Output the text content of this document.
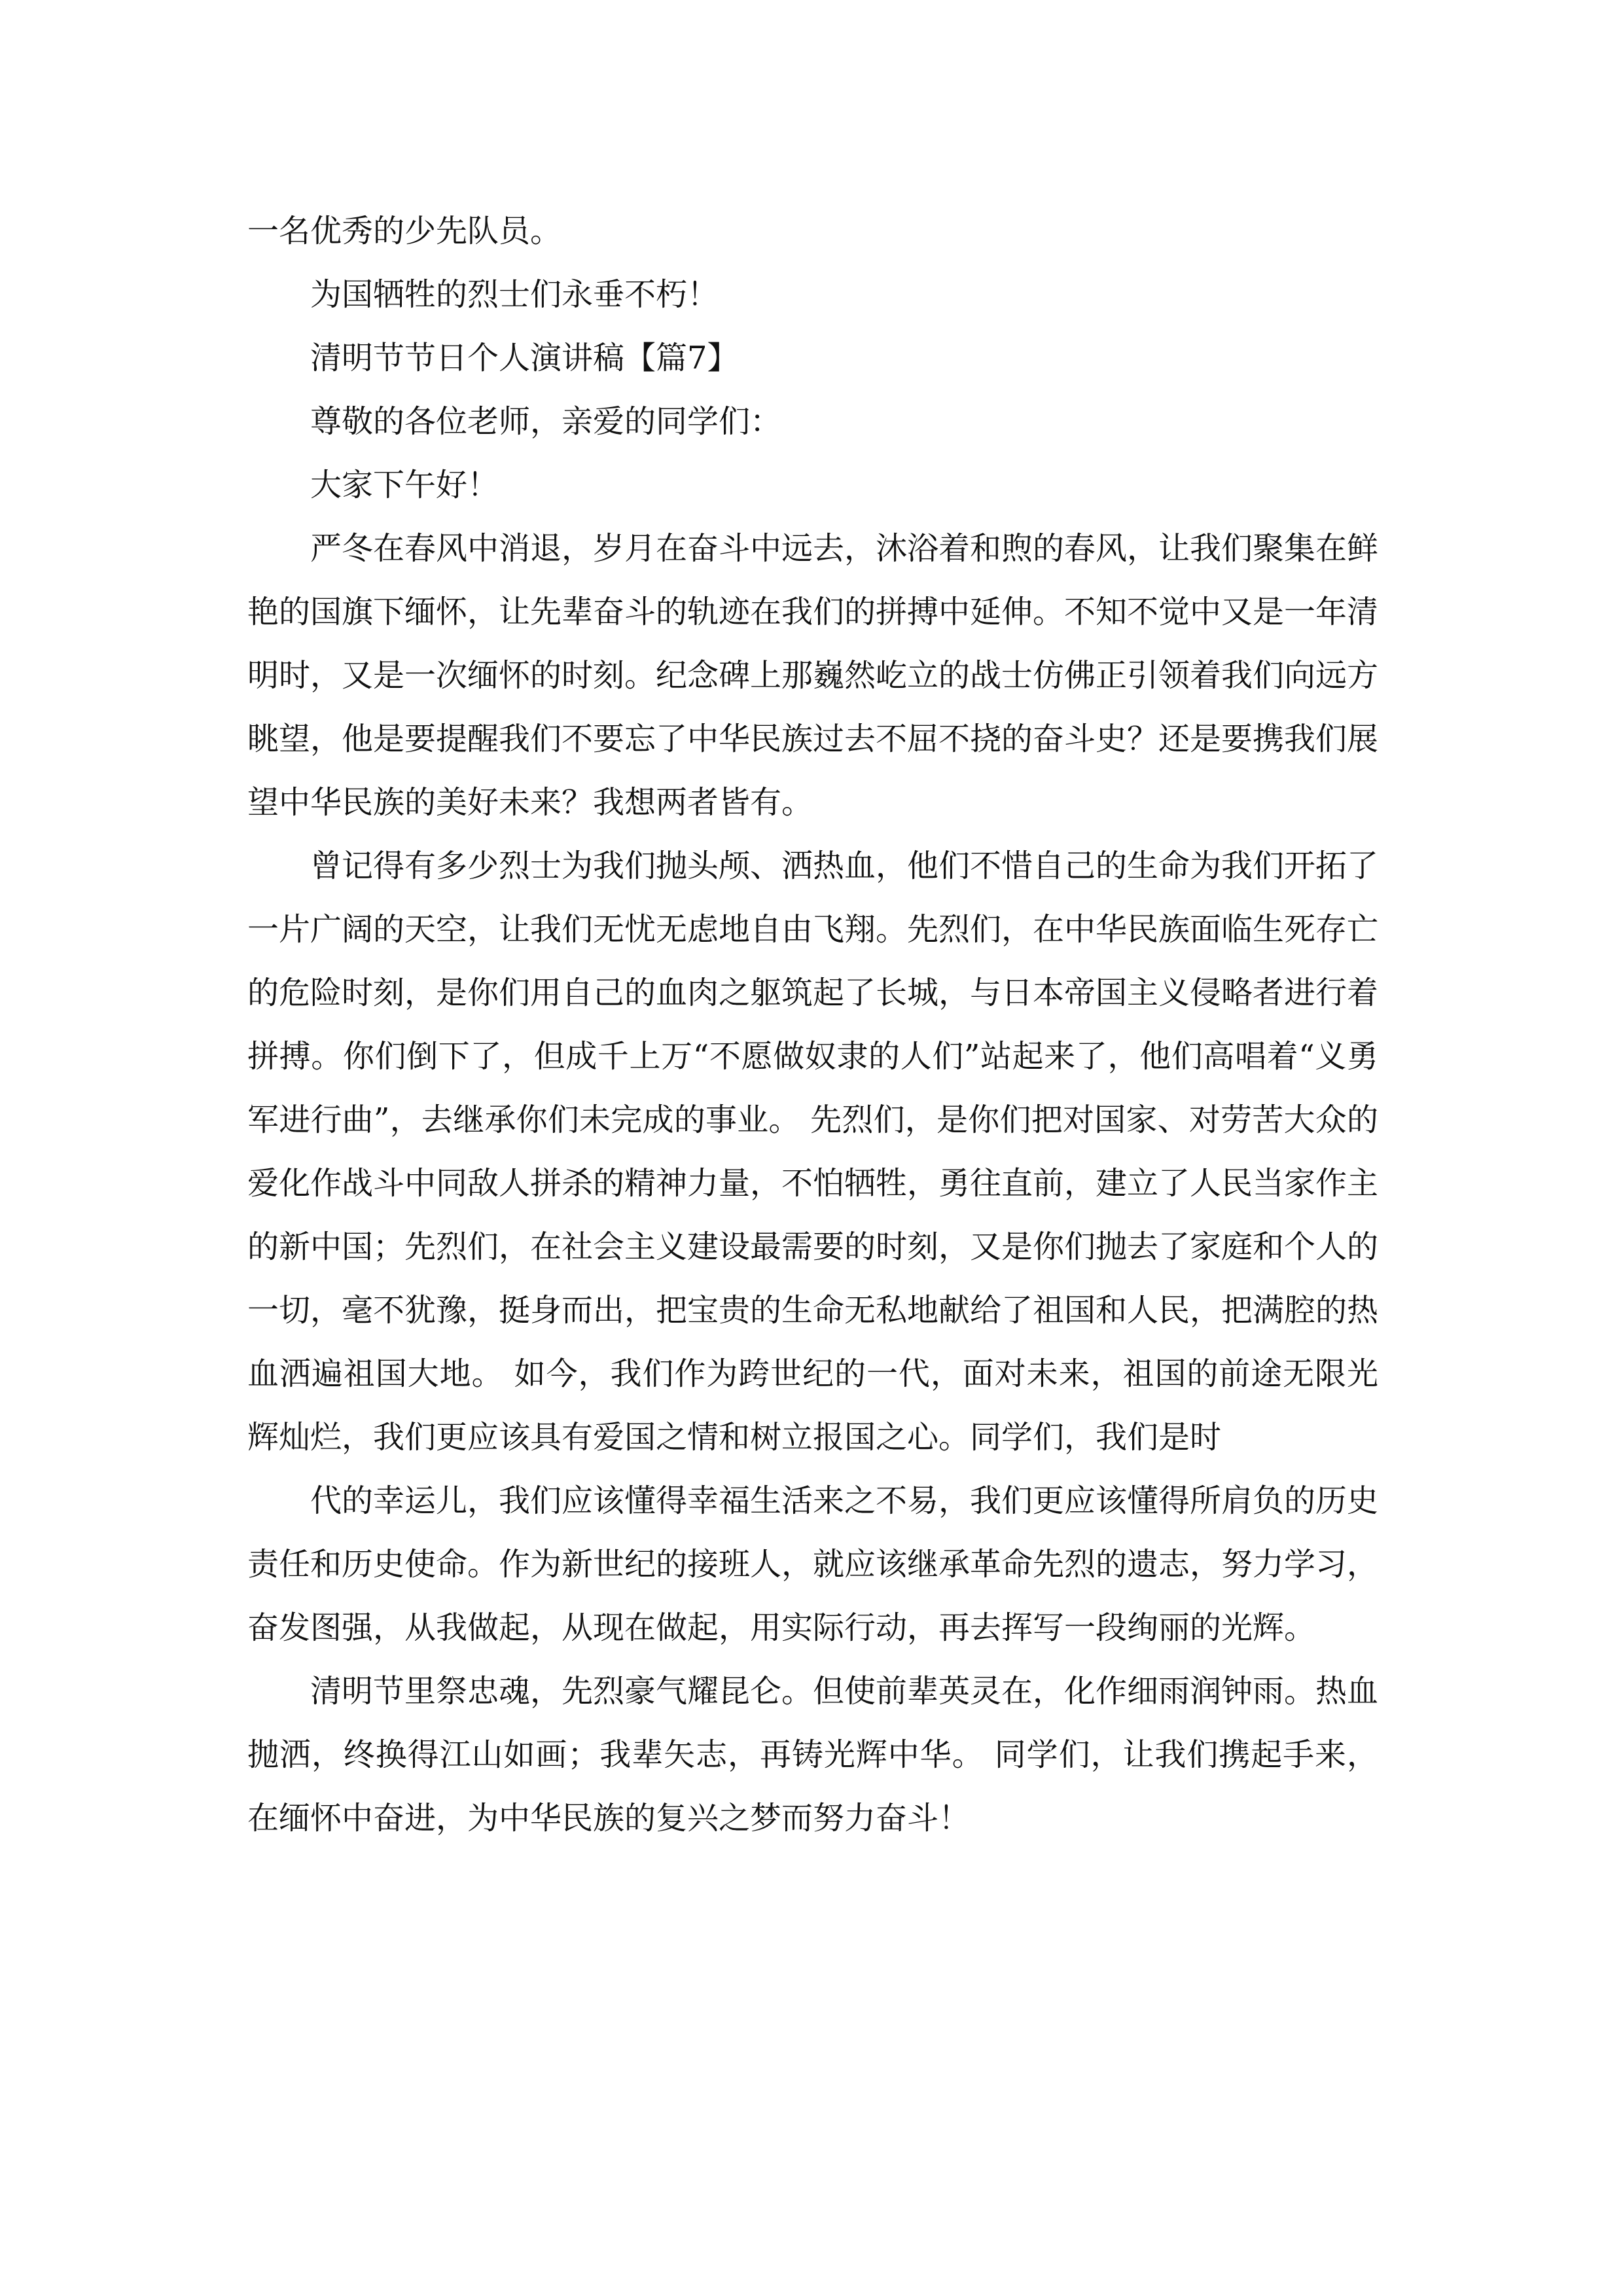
一名优秀的少先队员。

为国牺牲的烈士们永垂不朽！

清明节节日个人演讲稿【篇7】

尊敬的各位老师，亲爱的同学们：

大家下午好！

严冬在春风中消退，岁月在奋斗中远去，沐浴着和煦的春风，让我们聚集在鲜艳的国旗下缅怀，让先辈奋斗的轨迹在我们的拼搏中延伸。不知不觉中又是一年清明时，又是一次缅怀的时刻。纪念碑上那巍然屹立的战士仿佛正引领着我们向远方眺望，他是要提醒我们不要忘了中华民族过去不屈不挠的奋斗史？还是要携我们展望中华民族的美好未来？我想两者皆有。

曾记得有多少烈士为我们抛头颅、洒热血，他们不惜自己的生命为我们开拓了一片广阔的天空，让我们无忧无虑地自由飞翔。先烈们，在中华民族面临生死存亡的危险时刻，是你们用自己的血肉之躯筑起了长城，与日本帝国主义侵略者进行着拼搏。你们倒下了，但成千上万“不愿做奴隶的人们”站起来了，他们高唱着“义勇军进行曲”，去继承你们未完成的事业。 先烈们，是你们把对国家、对劳苦大众的爱化作战斗中同敌人拼杀的精神力量，不怕牺牲，勇往直前，建立了人民当家作主的新中国；先烈们，在社会主义建设最需要的时刻，又是你们抛去了家庭和个人的一切，毫不犹豫，挺身而出，把宝贵的生命无私地献给了祖国和人民，把满腔的热血洒遍祖国大地。 如今，我们作为跨世纪的一代，面对未来，祖国的前途无限光辉灿烂，我们更应该具有爱国之情和树立报国之心。同学们，我们是时

代的幸运儿，我们应该懂得幸福生活来之不易，我们更应该懂得所肩负的历史责任和历史使命。作为新世纪的接班人，就应该继承革命先烈的遗志，努力学习，奋发图强，从我做起，从现在做起，用实际行动，再去挥写一段绚丽的光辉。

清明节里祭忠魂，先烈豪气耀昆仑。但使前辈英灵在，化作细雨润钟雨。热血抛洒，终换得江山如画；我辈矢志，再铸光辉中华。 同学们，让我们携起手来，在缅怀中奋进，为中华民族的复兴之梦而努力奋斗！
